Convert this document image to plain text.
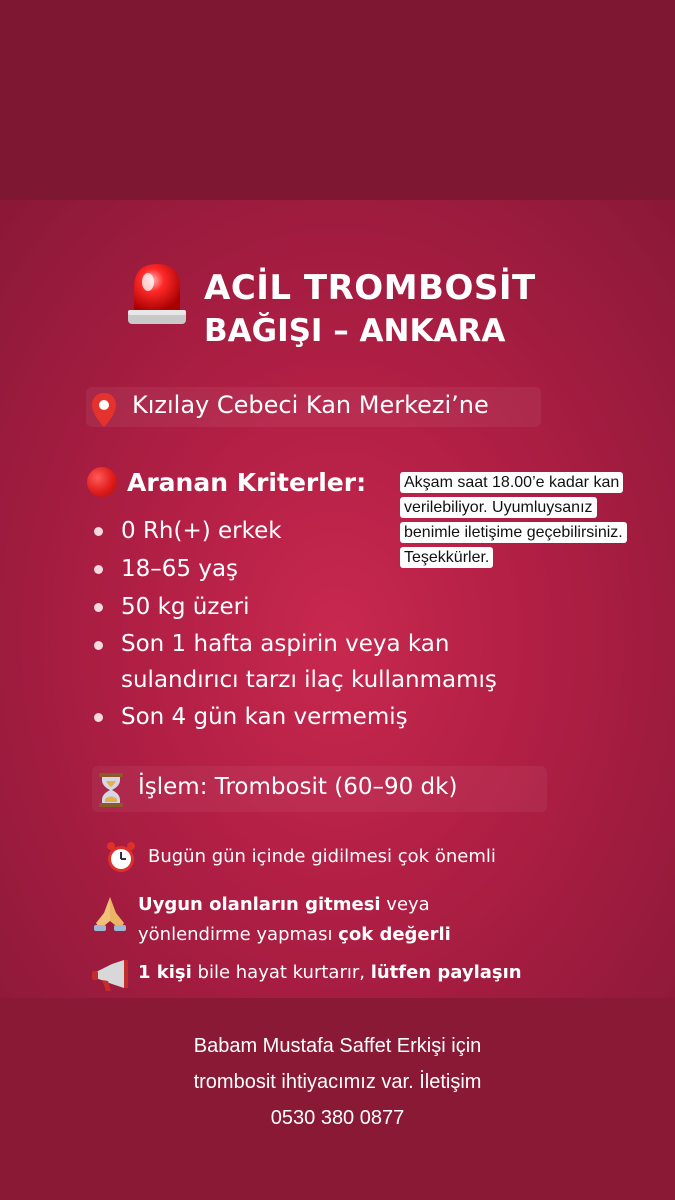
ACİL TROMBOSİT
BAĞIŞI – ANKARA
Kızılay Cebeci Kan Merkezi’ne
Aranan Kriterler:
0 Rh(+) erkek
18–65 yaş
50 kg üzeri
Son 1 hafta aspirin veya kan
sulandırıcı tarzı ilaç kullanmamış
Son 4 gün kan vermemiş
İşlem: Trombosit (60–90 dk)
Bugün gün içinde gidilmesi çok önemli
Uygun olanların gitmesi veya
yönlendirme yapması çok değerli
1 kişi bile hayat kurtarır, lütfen paylaşın
Akşam saat 18.00’e kadar kan
verilebiliyor. Uyumluysanız
benimle iletişime geçebilirsiniz.
Teşekkürler.
Babam Mustafa Saffet Erkişi için
trombosit ihtiyacımız var. İletişim
0530 380 0877
